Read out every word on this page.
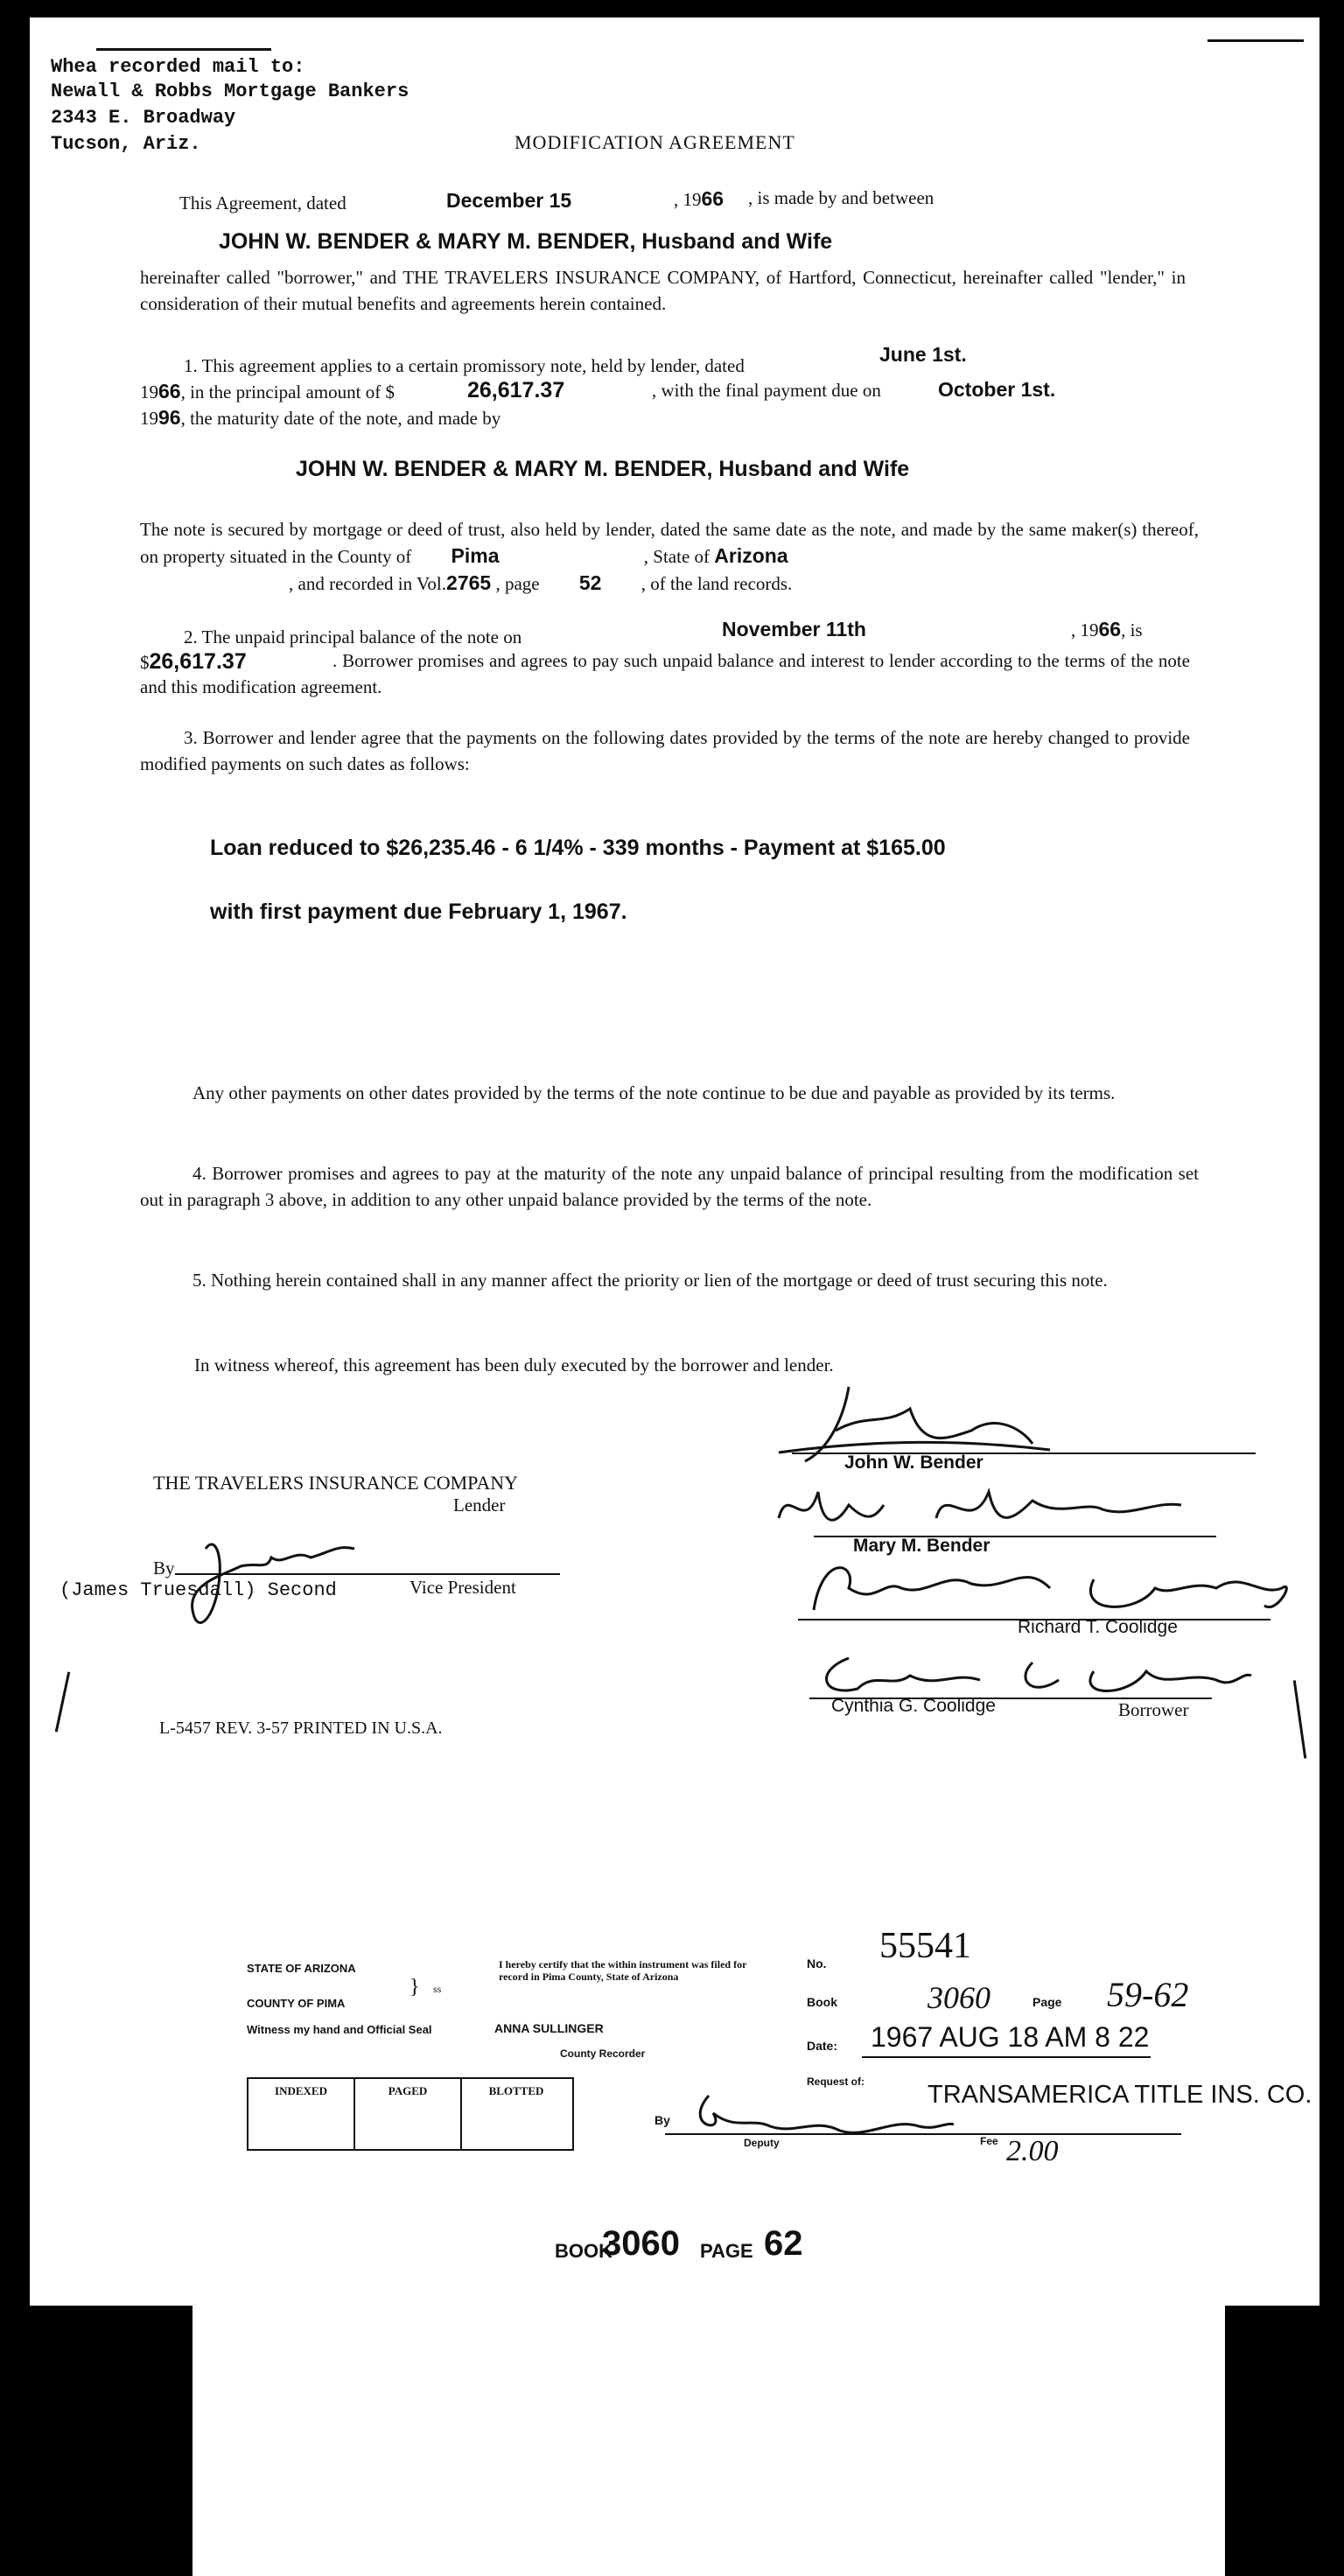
Whea recorded mail to:
Newall & Robbs Mortgage Bankers
2343 E. Broadway
Tucson, Ariz.	MODIFICATION AGREEMENT
This Agreement, dated	December 15	, 1966 , is made by and between
JOHN W. BENDER & MARY M. BENDER, Husband and Wife
hereinafter called "borrower," and THE TRAVELERS INSURANCE COMPANY, of Hartford, Connecticut, hereinafter called "lender," in consideration of their mutual benefits and agreements herein contained.
1. This agreement applies to a certain promissory note, held by lender, dated	June 1st.
1966, in the principal amount of $	26,617.37	, with the final payment due on	October 1st.
1996, the maturity date of the note, and made by
JOHN W. BENDER & MARY M. BENDER, Husband and Wife
The note is secured by mortgage or deed of trust, also held by lender, dated the same date as the note, and made by the same maker(s) thereof, on property situated in the County of Pima	, State of Arizona
, and recorded in Vol.2765 , page 52 , of the land records.
2. The unpaid principal balance of the note on	November 11th	, 1966, is
$26,617.37	. Borrower promises and agrees to pay such unpaid balance and interest to lender according to the terms of the note and this modification agreement.
3. Borrower and lender agree that the payments on the following dates provided by the terms of the note are hereby changed to provide modified payments on such dates as follows:
Loan reduced to $26,235.46 - 6 1/4% - 339 months - Payment at $165.00
with first payment due February 1, 1967.
Any other payments on other dates provided by the terms of the note continue to be due and payable as provided by its terms.
4. Borrower promises and agrees to pay at the maturity of the note any unpaid balance of principal resulting from the modification set out in paragraph 3 above, in addition to any other unpaid balance provided by the terms of the note.
5. Nothing herein contained shall in any manner affect the priority or lien of the mortgage or deed of trust securing this note.
In witness whereof, this agreement has been duly executed by the borrower and lender.
THE TRAVELERS INSURANCE COMPANY
Lender
By
(James Truesdall) Second	Vice President
John W. Bender
Mary M. Bender
Richard T. Coolidge
Cynthia G. Coolidge	Borrower
L-5457 REV. 3-57 PRINTED IN U.S.A.
STATE OF ARIZONA
COUNTY OF PIMA
} ss
I hereby certify that the within instrument was filed for record in Pima County, State of Arizona
Witness my hand and Official Seal	ANNA SULLINGER
County Recorder
INDEXED	PAGED	BLOTTED
No. 55541
Book	3060	Page 59-62
Date: 1967 AUG 18 AM 8 22
Request of: TRANSAMERICA TITLE INS. CO.
By
Deputy	Fee 2.00
BOOK
3060 PAGE 62
